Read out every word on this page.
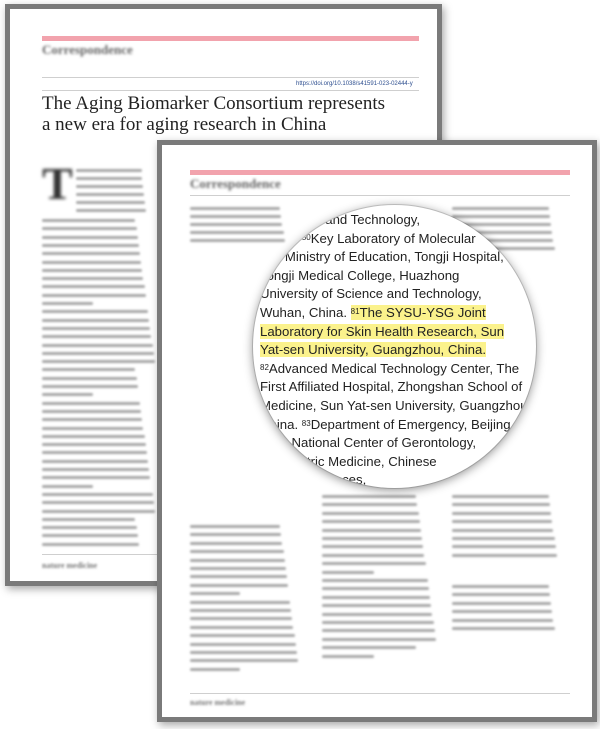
Correspondence
https://doi.org/10.1038/s41591-023-02444-y
The Aging Biomarker Consortium represents
a new era for aging research in China
T
nature medicine
Correspondence
nature medicine
of Science and Technology,
China. $^{80}$Key Laboratory of Molecular
ing, Ministry of Education, Tongji Hospital,
Tongji Medical College, Huazhong
University of Science and Technology,
Wuhan, China. $^{81}$The SYSU-YSG Joint
Laboratory for Skin Health Research, Sun
Yat-sen University, Guangzhou, China.
$^{82}$Advanced Medical Technology Center, The
First Affiliated Hospital, Zhongshan School of
Medicine, Sun Yat-sen University, Guangzhou,
China. $^{83}$Department of Emergency, Beijing
pital, National Center of Gerontology,
of Geriatric Medicine, Chinese
Medical Sciences,
